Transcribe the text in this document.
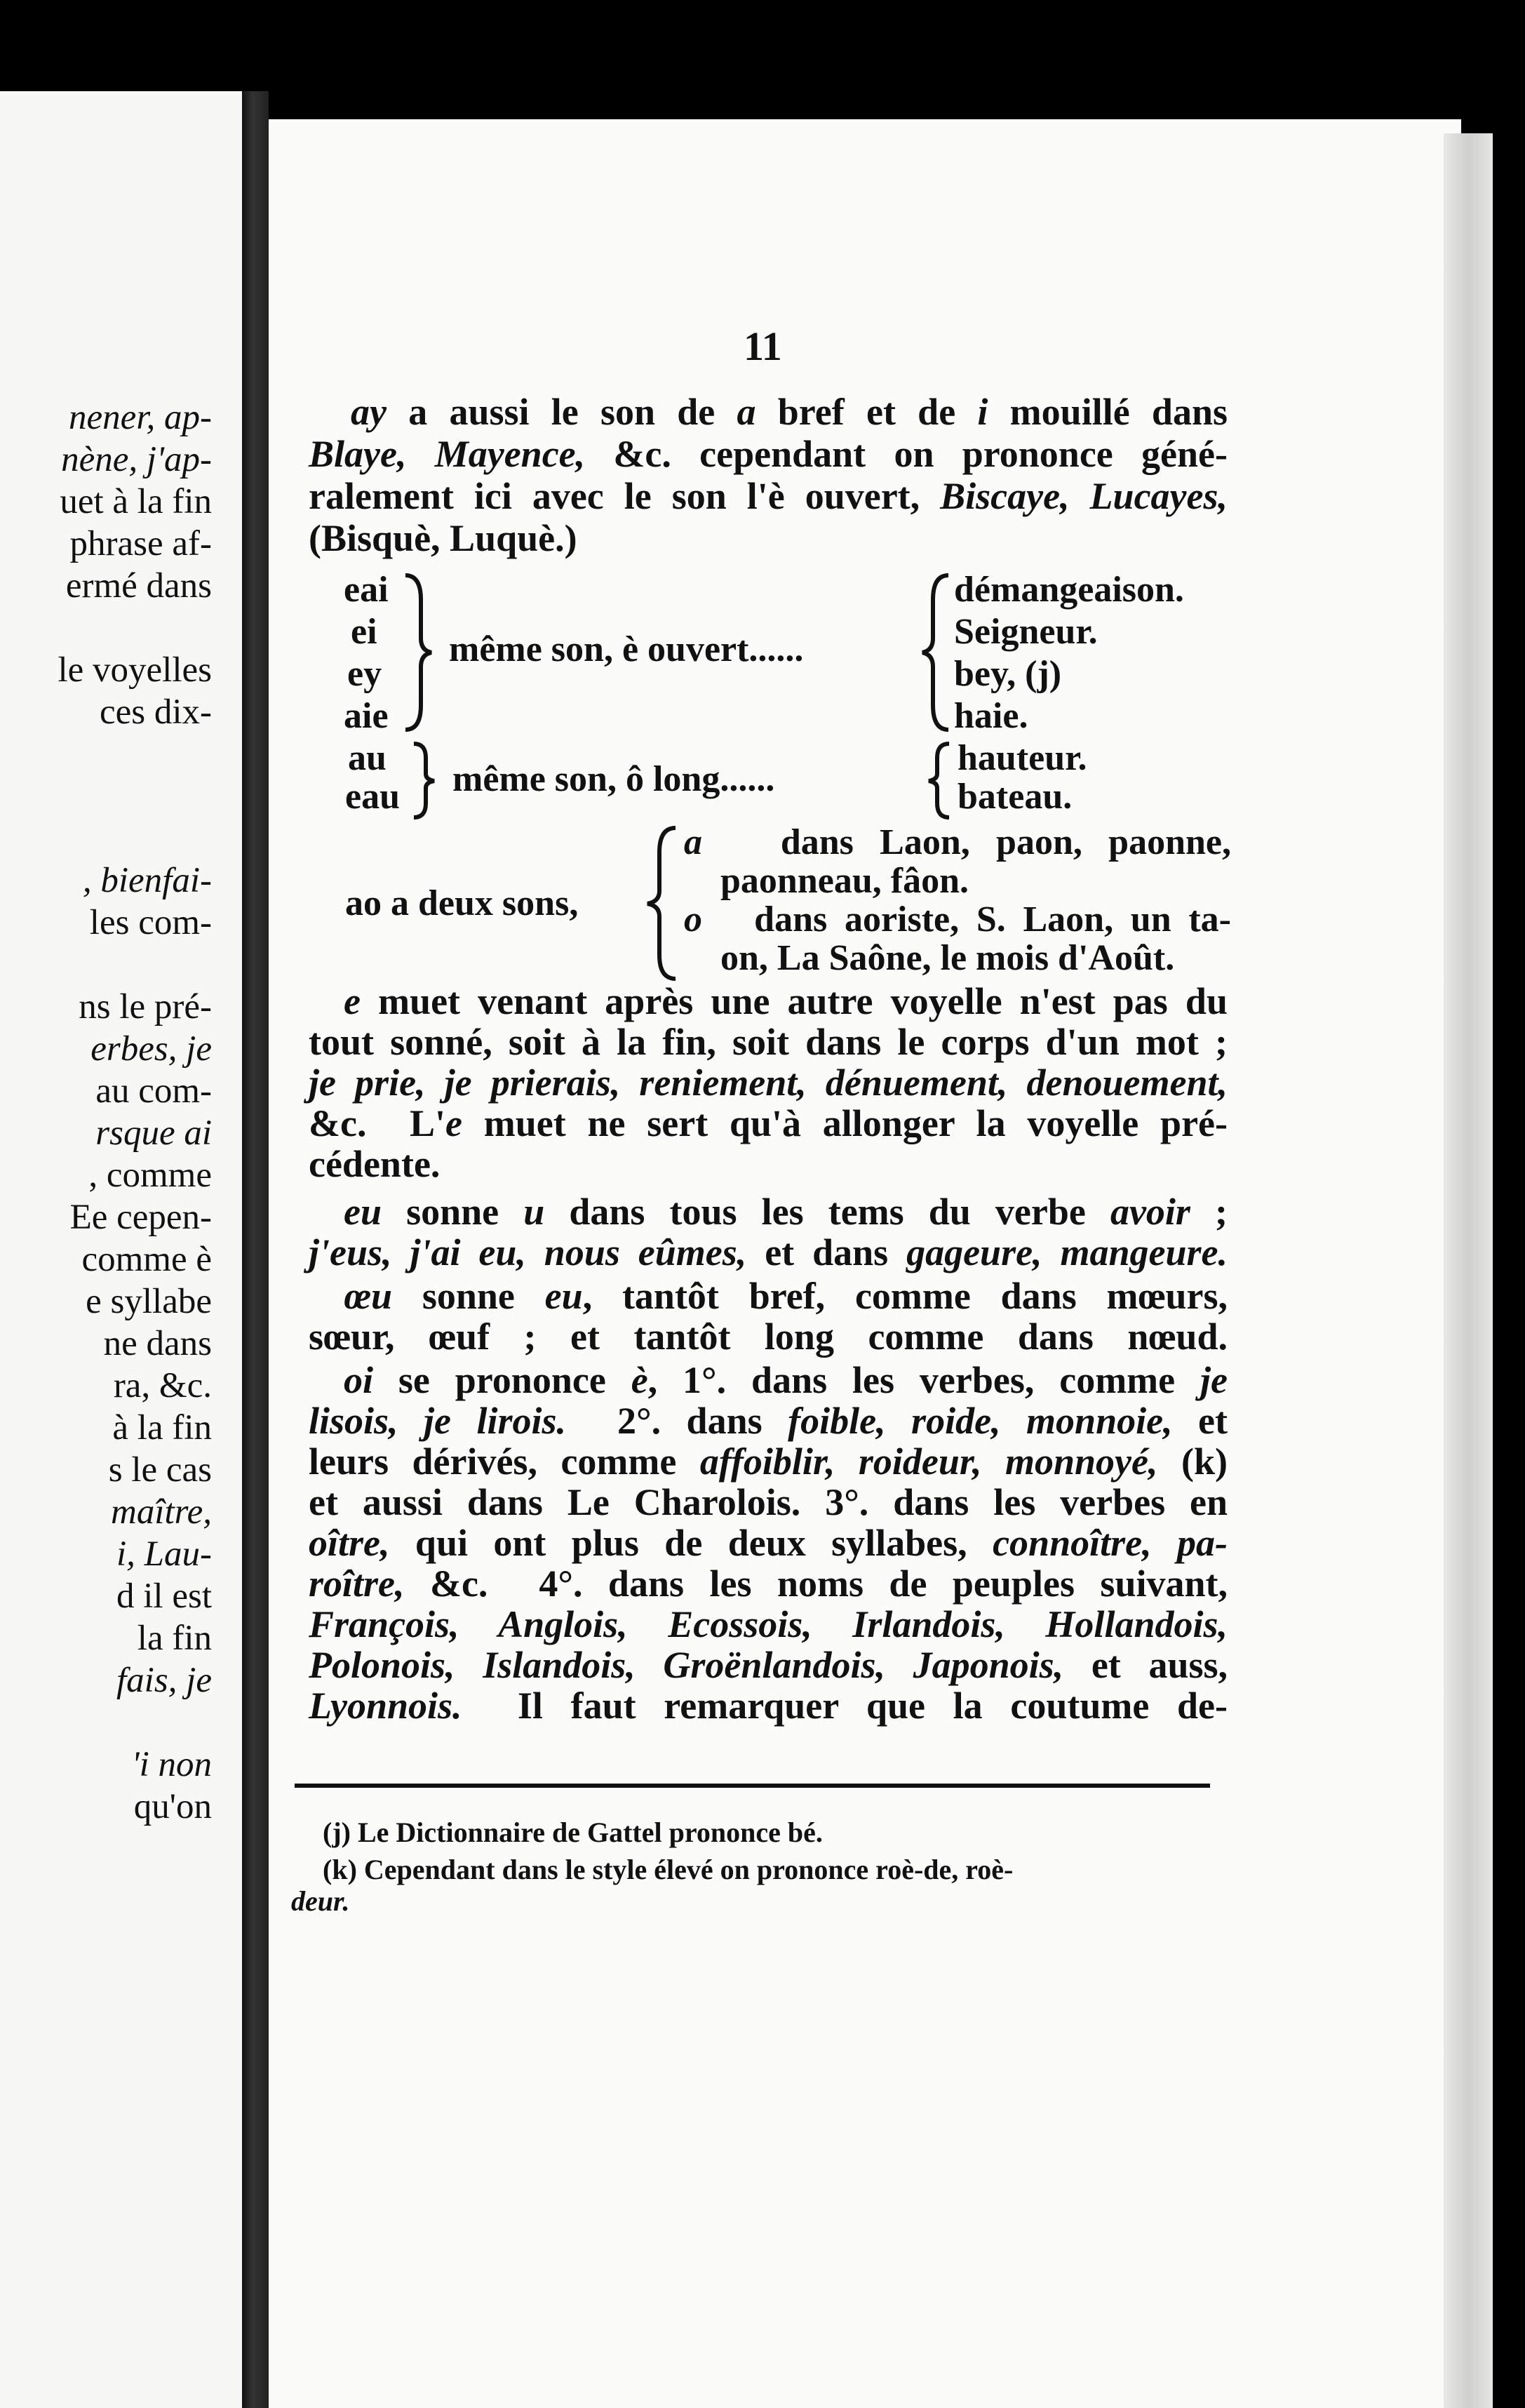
nener, ap-
nène, j'ap-
uet à la fin
phrase af-
ermé dans
le voyelles
ces dix-
, bienfai-
les com-
ns le pré-
erbes, je
au com-
rsque ai
, comme
Ee cepen-
comme è
e syllabe
ne dans
ra, &c.
à la fin
s le cas
maître,
i, Lau-
d il est
la fin
fais, je
'i non
qu'on
11
ay a aussi le son de a bref et de i mouillé dans
Blaye, Mayence, &c. cependant on prononce géné-
ralement ici avec le son l'è ouvert, Biscaye, Lucayes,
(Bisquè, Luquè.)
eai
ei
ey
aie
même son, è ouvert......
démangeaison.
Seigneur.
bey, (j)
haie.
au
eau même son, ô long......
hauteur.
bateau.
ao a deux sons,
a   dans Laon, paon, paonne,
paonneau, fâon.
o   dans aoriste, S. Laon, un ta-
on, La Saône, le mois d'Août.
e muet venant après une autre voyelle n'est pas du
tout sonné, soit à la fin, soit dans le corps d'un mot ;
je prie, je prierais, reniement, dénuement, denouement,
&c.  L'e muet ne sert qu'à allonger la voyelle pré-
cédente.
eu sonne u dans tous les tems du verbe avoir ;
j'eus, j'ai eu, nous eûmes, et dans gageure, mangeure.
œu sonne eu, tantôt bref, comme dans mœurs,
sœur, œuf ; et tantôt long comme dans nœud.
oi se prononce è, 1°. dans les verbes, comme je
lisois, je lirois.  2°. dans foible, roide, monnoie, et
leurs dérivés, comme affoiblir, roideur, monnoyé, (k)
et aussi dans Le Charolois. 3°. dans les verbes en
oître, qui ont plus de deux syllabes, connoître, pa-
roître, &c.  4°. dans les noms de peuples suivant,
François, Anglois, Ecossois, Irlandois, Hollandois,
Polonois, Islandois, Groënlandois, Japonois, et auss,
Lyonnois.  Il faut remarquer que la coutume de-
(j) Le Dictionnaire de Gattel prononce bé.
(k) Cependant dans le style élevé on prononce roè-de, roè-
deur.
